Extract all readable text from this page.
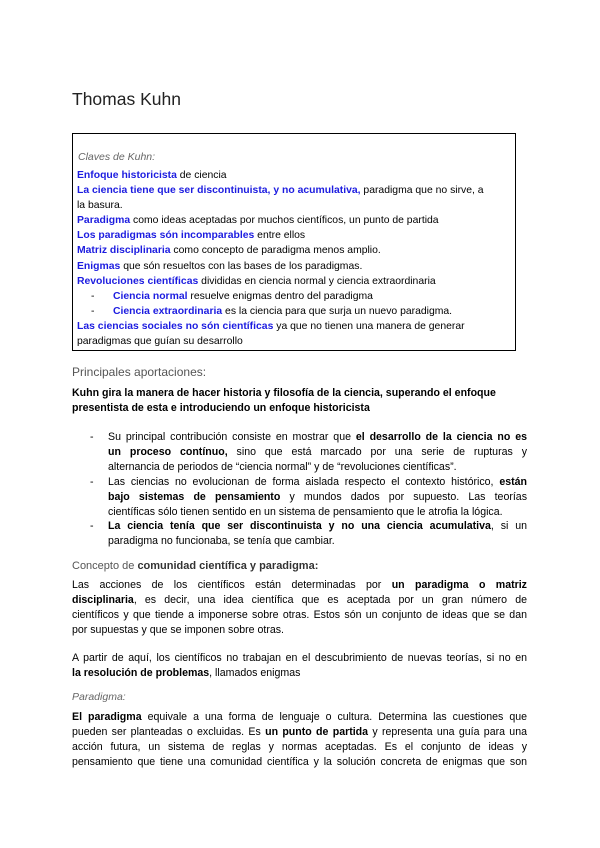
Thomas Kuhn
Claves de Kuhn:
Enfoque historicista de ciencia
La ciencia tiene que ser discontinuista, y no acumulativa, paradigma que no sirve, a
la basura.
Paradigma como ideas aceptadas por muchos científicos, un punto de partida
Los paradigmas són incomparables entre ellos
Matriz disciplinaria como concepto de paradigma menos amplio.
Enigmas que són resueltos con las bases de los paradigmas.
Revoluciones científicas divididas en ciencia normal y ciencia extraordinaria
- Ciencia normal resuelve enigmas dentro del paradigma
- Ciencia extraordinaria es la ciencia para que surja un nuevo paradigma.
Las ciencias sociales no són científicas ya que no tienen una manera de generar
paradigmas que guían su desarrollo
Principales aportaciones:
Kuhn gira la manera de hacer historia y filosofía de la ciencia, superando el enfoque
presentista de esta e introduciendo un enfoque historicista
- Su principal contribución consiste en mostrar que el desarrollo de la ciencia no es
un proceso contínuo, sino que está marcado por una serie de rupturas y
alternancia de periodos de “ciencia normal” y de “revoluciones científicas”.
- Las ciencias no evolucionan de forma aislada respecto el contexto histórico, están
bajo sistemas de pensamiento y mundos dados por supuesto. Las teorías
científicas sólo tienen sentido en un sistema de pensamiento que le atrofia la lógica.
- La ciencia tenía que ser discontinuista y no una ciencia acumulativa, si un
paradigma no funcionaba, se tenía que cambiar.
Concepto de comunidad científica y paradigma:
Las acciones de los científicos están determinadas por un paradigma o matriz
disciplinaria, es decir, una idea científica que es aceptada por un gran número de
científicos y que tiende a imponerse sobre otras. Estos són un conjunto de ideas que se dan
por supuestas y que se imponen sobre otras.
A partir de aquí, los científicos no trabajan en el descubrimiento de nuevas teorías, si no en
la resolución de problemas, llamados enigmas
Paradigma:
El paradigma equivale a una forma de lenguaje o cultura. Determina las cuestiones que
pueden ser planteadas o excluidas. Es un punto de partida y representa una guía para una
acción futura, un sistema de reglas y normas aceptadas. Es el conjunto de ideas y
pensamiento que tiene una comunidad científica y la solución concreta de enigmas que son
